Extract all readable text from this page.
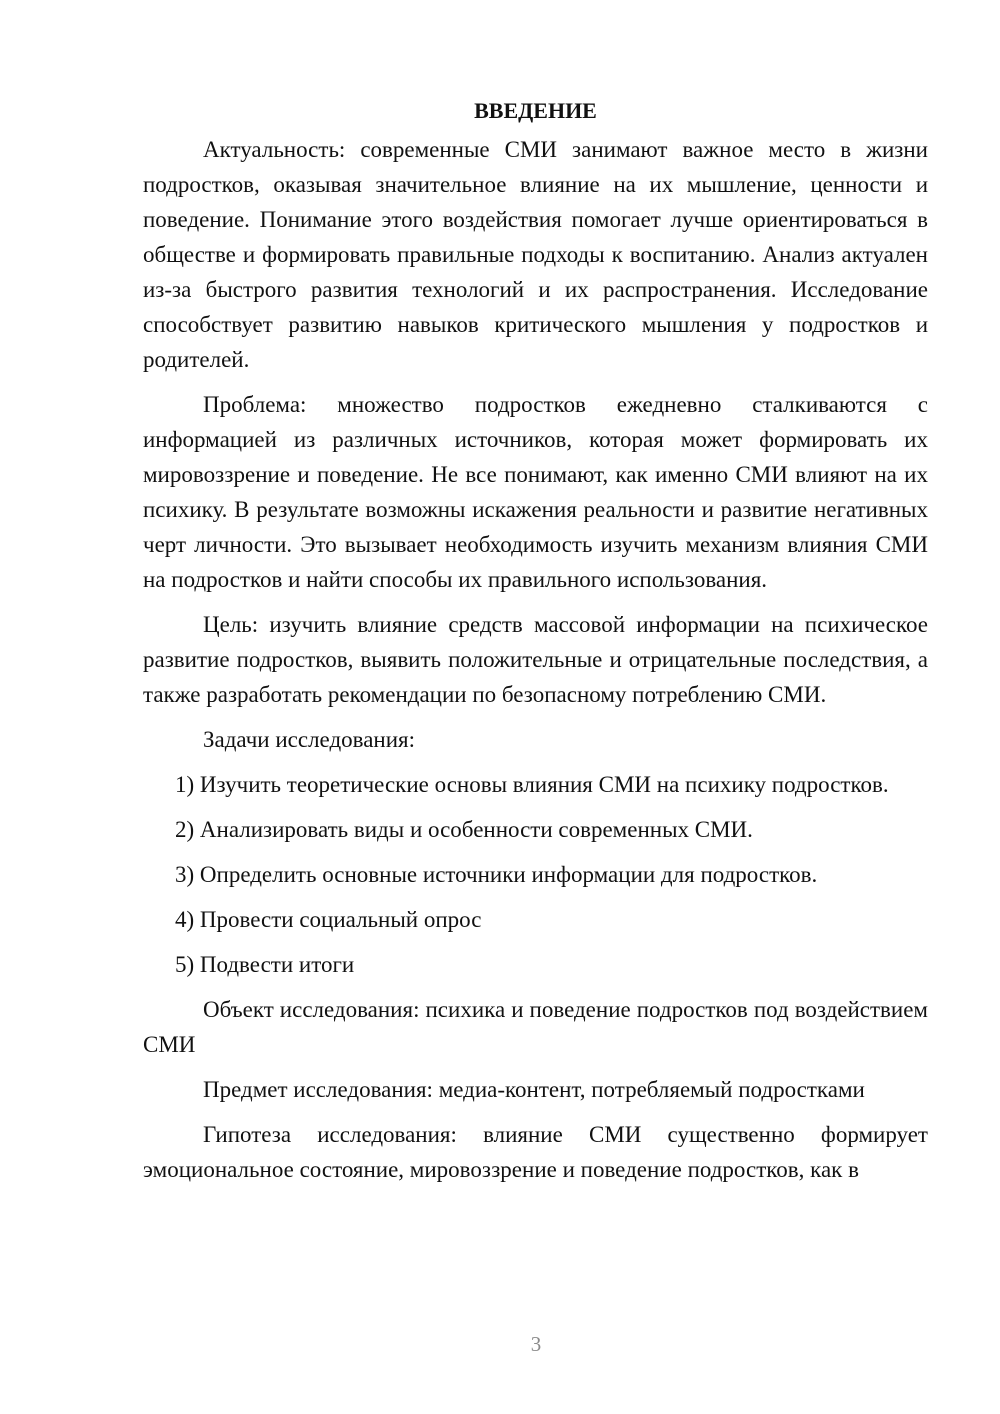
ВВЕДЕНИЕ

Актуальность: современные СМИ занимают важное место в жизни подростков, оказывая значительное влияние на их мышление, ценности и поведение. Понимание этого воздействия помогает лучше ориентироваться в обществе и формировать правильные подходы к воспитанию. Анализ актуален из-за быстрого развития технологий и их распространения. Исследование способствует развитию навыков критического мышления у подростков и родителей.

Проблема: множество подростков ежедневно сталкиваются с информацией из различных источников, которая может формировать их мировоззрение и поведение. Не все понимают, как именно СМИ влияют на их психику. В результате возможны искажения реальности и развитие негативных черт личности. Это вызывает необходимость изучить механизм влияния СМИ на подростков и найти способы их правильного использования.

Цель: изучить влияние средств массовой информации на психическое развитие подростков, выявить положительные и отрицательные последствия, а также разработать рекомендации по безопасному потреблению СМИ.

Задачи исследования:

1) Изучить теоретические основы влияния СМИ на психику подростков.

2) Анализировать виды и особенности современных СМИ.

3) Определить основные источники информации для подростков.

4) Провести социальный опрос

5) Подвести итоги

Объект исследования: психика и поведение подростков под воздействием СМИ

Предмет исследования: медиа-контент, потребляемый подростками

Гипотеза исследования: влияние СМИ существенно формирует эмоциональное состояние, мировоззрение и поведение подростков, как в

3
